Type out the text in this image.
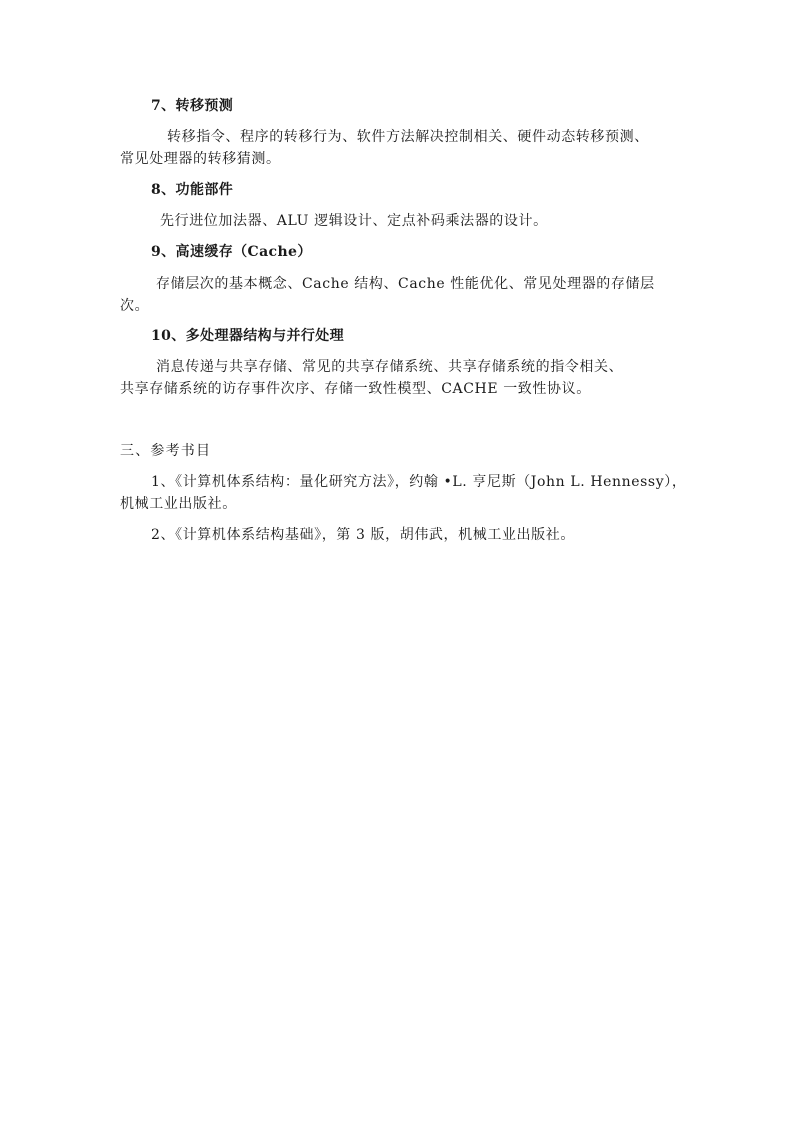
7、转移预测
转移指令、程序的转移行为、软件方法解决控制相关、硬件动态转移预测、
常见处理器的转移猜测。
8、功能部件
先行进位加法器、ALU 逻辑设计、定点补码乘法器的设计。
9、高速缓存（Cache）
存储层次的基本概念、Cache 结构、Cache 性能优化、常见处理器的存储层
次。
10、多处理器结构与并行处理
消息传递与共享存储、常见的共享存储系统、共享存储系统的指令相关、
共享存储系统的访存事件次序、存储一致性模型、CACHE 一致性协议。
三、参考书目
1、《计算机体系结构：量化研究方法》，约翰 •L. 亨尼斯（John L. Hennessy），
机械工业出版社。
2、《计算机体系结构基础》，第 3 版，胡伟武，机械工业出版社。
